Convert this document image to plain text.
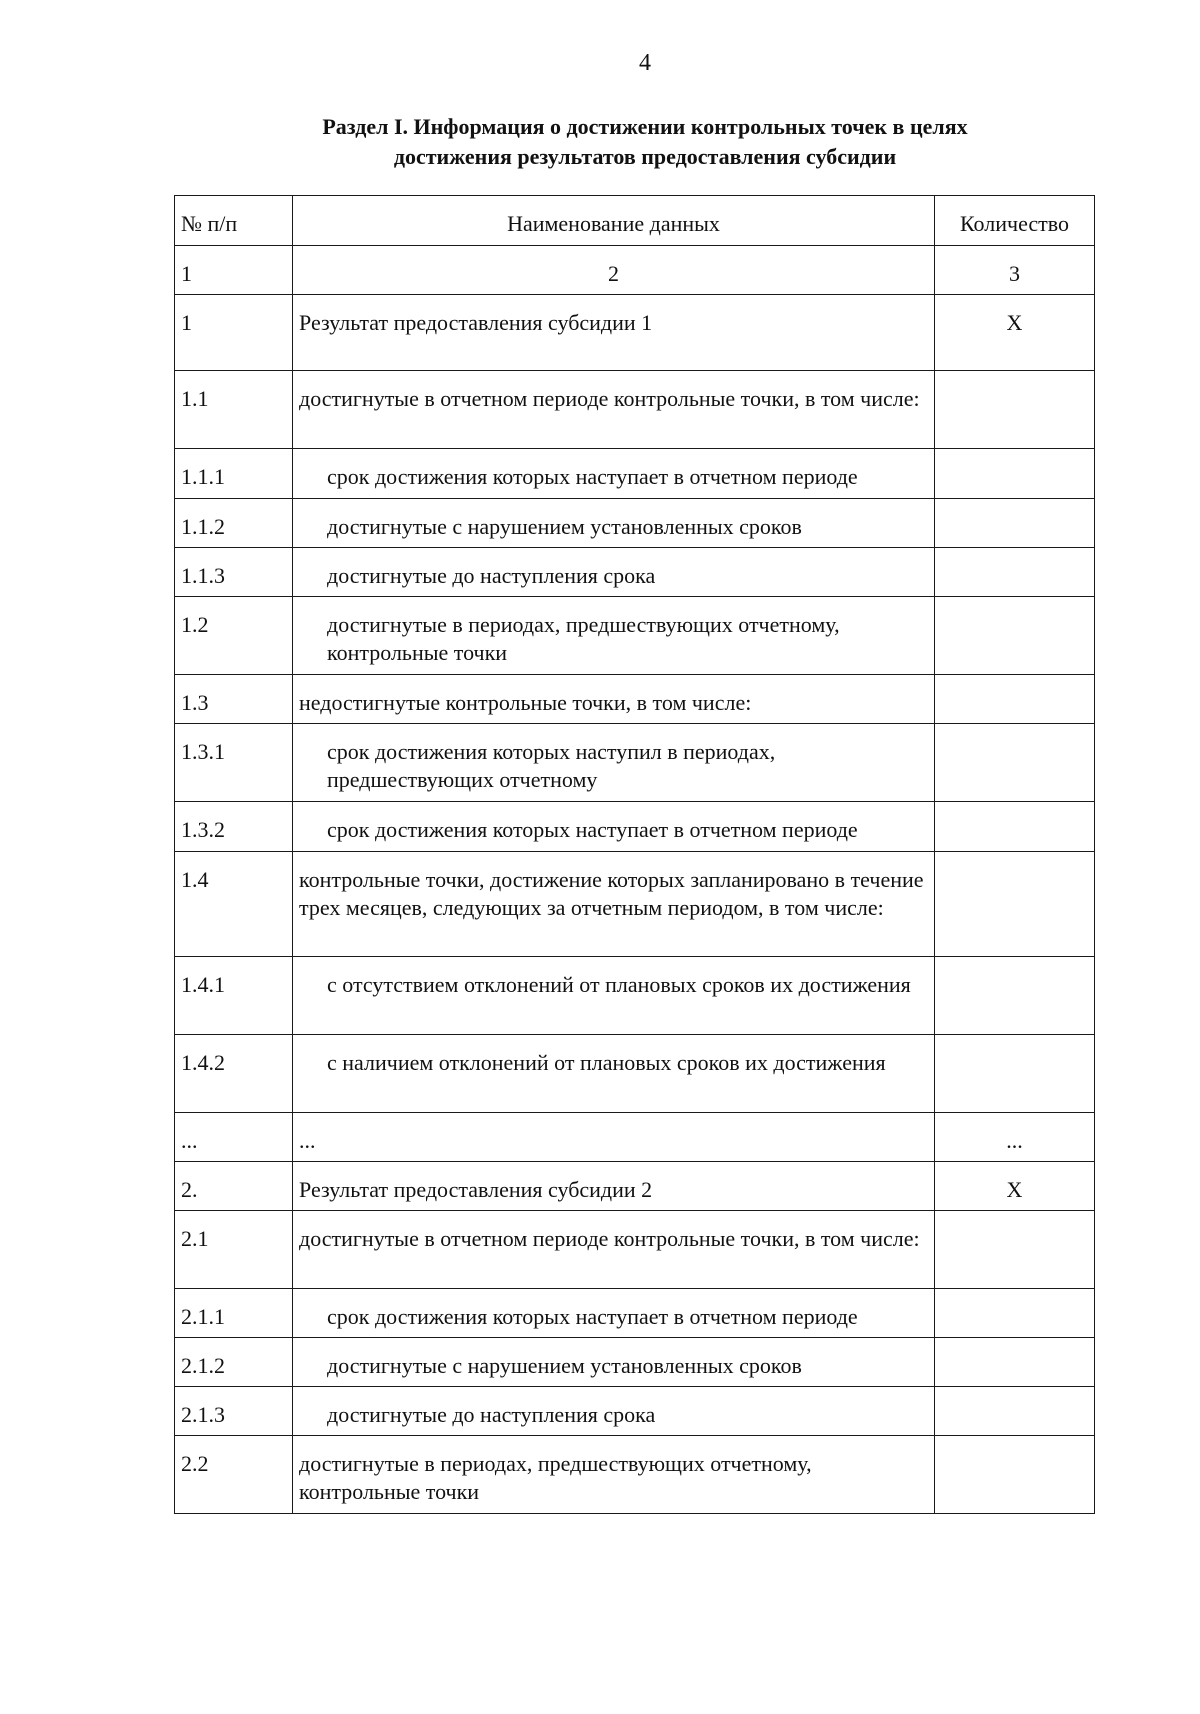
4
Раздел I. Информация о достижении контрольных точек в целях
достижения результатов предоставления субсидии
№ п/п	Наименование данных	Количество
1	2	3
1	Результат предоставления субсидии 1	X
1.1	достигнутые в отчетном периоде контрольные точки, в том числе:	
1.1.1	срок достижения которых наступает в отчетном периоде	

1.1.2	достигнутые с нарушением установленных сроков	

1.1.3	достигнутые до наступления срока	

1.2	достигнутые в периодах, предшествующих отчетному, контрольные точки	

1.3	недостигнутые контрольные точки, в том числе:	
1.3.1	срок достижения которых наступил в периодах, предшествующих отчетному	

1.3.2	срок достижения которых наступает в отчетном периоде	

1.4	контрольные точки, достижение которых запланировано в течение трех месяцев, следующих за отчетным периодом, в том числе:	
1.4.1	с отсутствием отклонений от плановых сроков их достижения	

1.4.2	с наличием отклонений от плановых сроков их достижения	

...	...	...
2.	Результат предоставления субсидии 2	X
2.1	достигнутые в отчетном периоде контрольные точки, в том числе:	
2.1.1	срок достижения которых наступает в отчетном периоде	

2.1.2	достигнутые с нарушением установленных сроков	

2.1.3	достигнутые до наступления срока	

2.2	достигнутые в периодах, предшествующих отчетному, контрольные точки	
